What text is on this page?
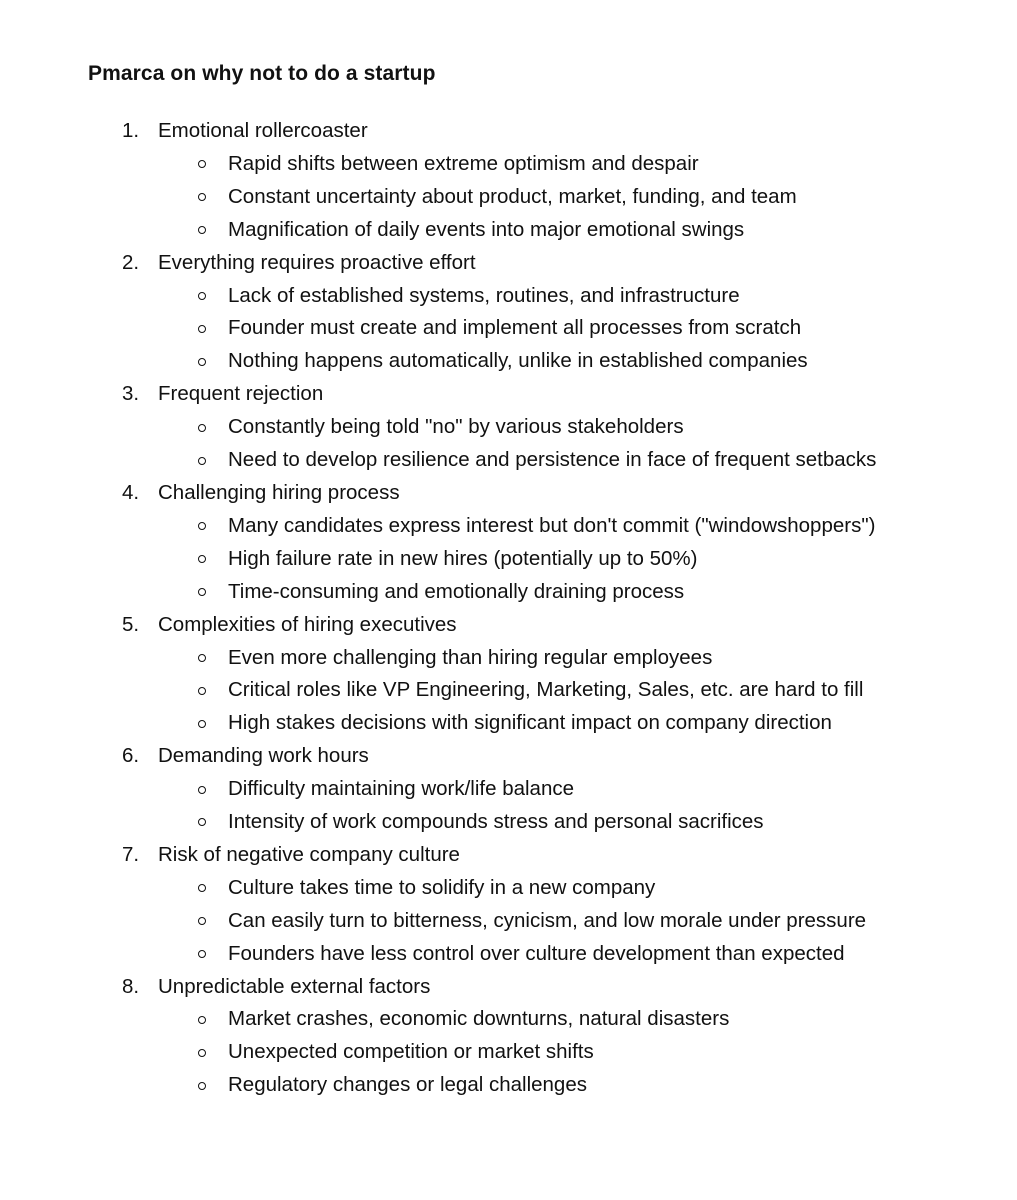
Pmarca on why not to do a startup
1. Emotional rollercoaster
Rapid shifts between extreme optimism and despair
Constant uncertainty about product, market, funding, and team
Magnification of daily events into major emotional swings
2. Everything requires proactive effort
Lack of established systems, routines, and infrastructure
Founder must create and implement all processes from scratch
Nothing happens automatically, unlike in established companies
3. Frequent rejection
Constantly being told "no" by various stakeholders
Need to develop resilience and persistence in face of frequent setbacks
4. Challenging hiring process
Many candidates express interest but don't commit ("windowshoppers")
High failure rate in new hires (potentially up to 50%)
Time-consuming and emotionally draining process
5. Complexities of hiring executives
Even more challenging than hiring regular employees
Critical roles like VP Engineering, Marketing, Sales, etc. are hard to fill
High stakes decisions with significant impact on company direction
6. Demanding work hours
Difficulty maintaining work/life balance
Intensity of work compounds stress and personal sacrifices
7. Risk of negative company culture
Culture takes time to solidify in a new company
Can easily turn to bitterness, cynicism, and low morale under pressure
Founders have less control over culture development than expected
8. Unpredictable external factors
Market crashes, economic downturns, natural disasters
Unexpected competition or market shifts
Regulatory changes or legal challenges
